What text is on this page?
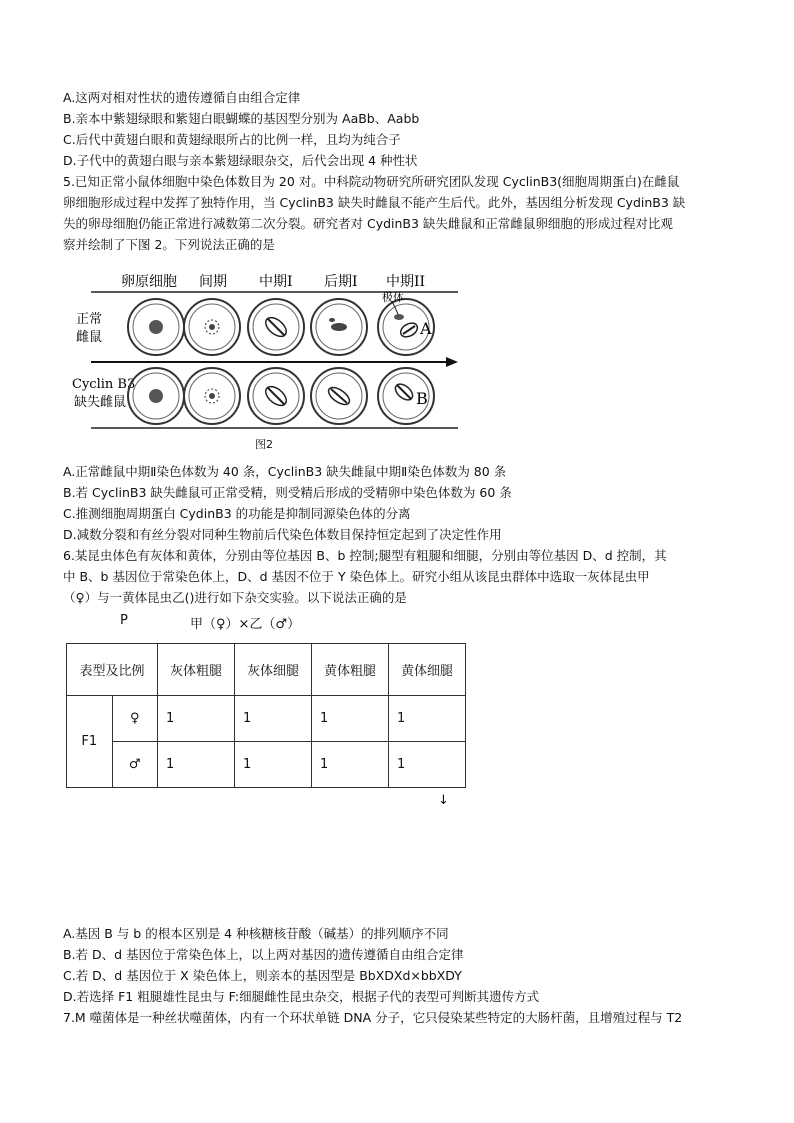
A.这两对相对性状的遗传遵循自由组合定律
B.亲本中紫翅绿眼和紫翅白眼蝴蝶的基因型分别为 AaBb、Aabb
C.后代中黄翅白眼和黄翅绿眼所占的比例一样，且均为纯合子
D.子代中的黄翅白眼与亲本紫翅绿眼杂交，后代会出现 4 种性状
5.已知正常小鼠体细胞中染色体数目为 20 对。中科院动物研究所研究团队发现 CyclinB3(细胞周期蛋白)在雌鼠
卵细胞形成过程中发挥了独特作用，当 CyclinB3 缺失时雌鼠不能产生后代。此外，基因组分析发现 CydinB3 缺
失的卵母细胞仍能正常进行减数第二次分裂。研究者对 CydinB3 缺失雌鼠和正常雌鼠卵细胞的形成过程对比观
察并绘制了下图 2。下列说法正确的是
卵原细胞 间期 中期I 后期I 中期II
正常
雌鼠
Cyclin B3
缺失雌鼠
极体
A
B
图2
A.正常雌鼠中期Ⅱ染色体数为 40 条，CyclinB3 缺失雌鼠中期Ⅱ染色体数为 80 条
B.若 CyclinB3 缺失雌鼠可正常受精，则受精后形成的受精卵中染色体数为 60 条
C.推测细胞周期蛋白 CydinB3 的功能是抑制同源染色体的分离
D.减数分裂和有丝分裂对同种生物前后代染色体数目保持恒定起到了决定性作用
6.某昆虫体色有灰体和黄体，分别由等位基因 B、b 控制;腿型有粗腿和细腿，分别由等位基因 D、d 控制，其
中 B、b 基因位于常染色体上，D、d 基因不位于 Y 染色体上。研究小组从该昆虫群体中选取一灰体昆虫甲
（♀）与一黄体昆虫乙()进行如下杂交实验。以下说法正确的是
P	甲（♀）×乙（♂）
表型及比例		灰体粗腿	灰体细腿	黄体粗腿	黄体细腿
F1	♀	1	1	1	1
	♂	1	1	1	1
↓
A.基因 B 与 b 的根本区别是 4 种核糖核苷酸（碱基）的排列顺序不同
B.若 D、d 基因位于常染色体上，以上两对基因的遗传遵循自由组合定律
C.若 D、d 基因位于 X 染色体上，则亲本的基因型是 BbXDXd×bbXDY
D.若选择 F1 粗腿雄性昆虫与 F:细腿雌性昆虫杂交，根据子代的表型可判断其遗传方式
7.M 噬菌体是一种丝状噬菌体，内有一个环状单链 DNA 分子，它只侵染某些特定的大肠杆菌，且增殖过程与 T2
